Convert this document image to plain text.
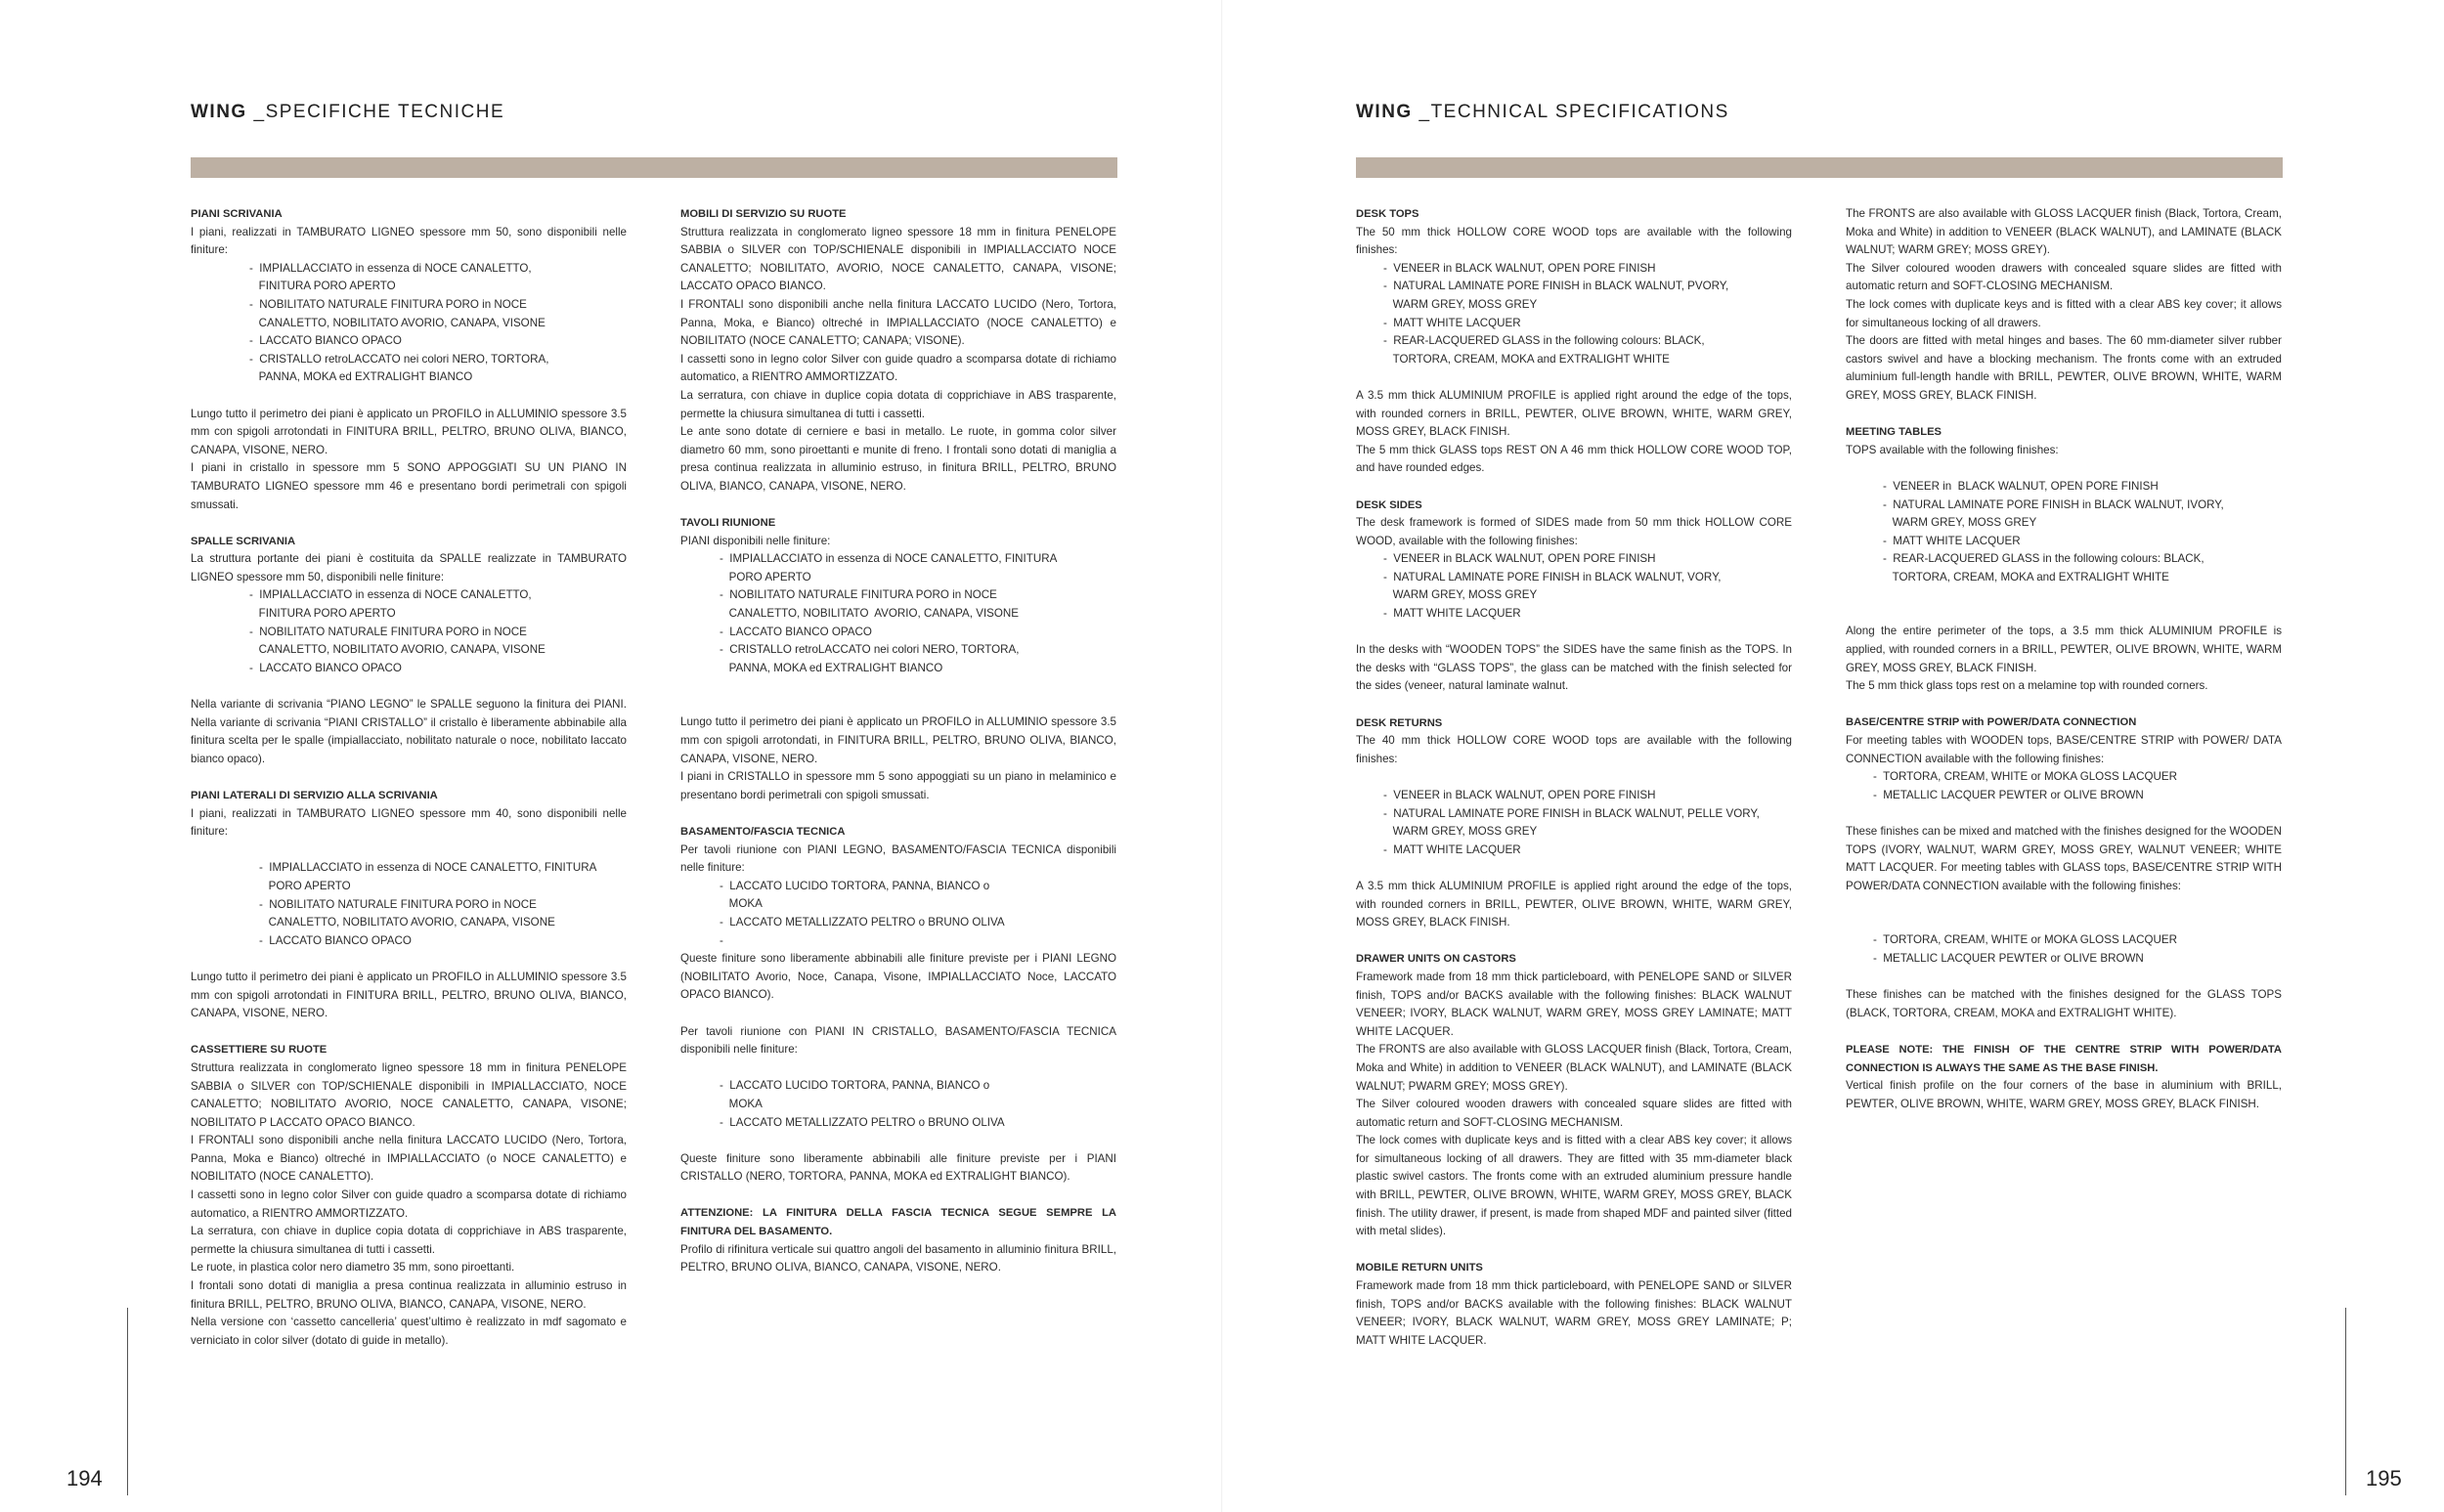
WING _SPECIFICHE TECNICHE

PIANI SCRIVANIA

I piani, realizzati in TAMBURATO LIGNEO spessore mm 50, sono disponibili nelle finiture:

-  IMPIALLACCIATO in essenza di NOCE CANALETTO,

FINITURA PORO APERTO

-  NOBILITATO NATURALE FINITURA PORO in NOCE

CANALETTO, NOBILITATO AVORIO, CANAPA, VISONE

-  LACCATO BIANCO OPACO

-  CRISTALLO retroLACCATO nei colori NERO, TORTORA,

PANNA, MOKA ed EXTRALIGHT BIANCO

Lungo tutto il perimetro dei piani è applicato un PROFILO in ALLUMINIO spessore 3.5 mm con spigoli arrotondati in FINITURA BRILL, PELTRO, BRUNO OLIVA, BIANCO, CANAPA, VISONE, NERO.

I piani in cristallo in spessore mm 5 SONO APPOGGIATI SU UN PIANO IN TAMBURATO LIGNEO spessore mm 46 e presentano bordi perimetrali con spigoli smussati.

SPALLE SCRIVANIA

La struttura portante dei piani è costituita da SPALLE realizzate in TAMBURATO LIGNEO spessore mm 50, disponibili nelle finiture:

-  IMPIALLACCIATO in essenza di NOCE CANALETTO,

FINITURA PORO APERTO

-  NOBILITATO NATURALE FINITURA PORO in NOCE

CANALETTO, NOBILITATO AVORIO, CANAPA, VISONE

-  LACCATO BIANCO OPACO

Nella variante di scrivania “PIANO LEGNO” le SPALLE seguono la finitura dei PIANI. Nella variante di scrivania “PIANI CRISTALLO” il cristallo è liberamente abbinabile alla finitura scelta per le spalle (impiallacciato, nobilitato naturale o noce, nobilitato laccato bianco opaco).

PIANI LATERALI DI SERVIZIO ALLA SCRIVANIA

I piani, realizzati in TAMBURATO LIGNEO spessore mm 40, sono disponibili nelle finiture:

-  IMPIALLACCIATO in essenza di NOCE CANALETTO, FINITURA

PORO APERTO

-  NOBILITATO NATURALE FINITURA PORO in NOCE

CANALETTO, NOBILITATO AVORIO, CANAPA, VISONE

-  LACCATO BIANCO OPACO

Lungo tutto il perimetro dei piani è applicato un PROFILO in ALLUMINIO spessore 3.5 mm con spigoli arrotondati in FINITURA BRILL, PELTRO, BRUNO OLIVA, BIANCO, CANAPA, VISONE, NERO.

CASSETTIERE SU RUOTE

Struttura realizzata in conglomerato ligneo spessore 18 mm in finitura PENELOPE SABBIA o SILVER con TOP/SCHIENALE disponibili in IMPIALLACCIATO, NOCE CANALETTO; NOBILITATO AVORIO, NOCE CANALETTO, CANAPA, VISONE; NOBILITATO P LACCATO OPACO BIANCO.

I FRONTALI sono disponibili anche nella finitura LACCATO LUCIDO (Nero, Tortora, Panna, Moka e Bianco) oltreché in IMPIALLACCIATO (o NOCE CANALETTO) e NOBILITATO (NOCE CANALETTO).

I cassetti sono in legno color Silver con guide quadro a scomparsa dotate di richiamo automatico, a RIENTRO AMMORTIZZATO.

La serratura, con chiave in duplice copia dotata di copprichiave in ABS trasparente, permette la chiusura simultanea di tutti i cassetti.

Le ruote, in plastica color nero diametro 35 mm, sono piroettanti.

I frontali sono dotati di maniglia a presa continua realizzata in alluminio estruso in finitura BRILL, PELTRO, BRUNO OLIVA, BIANCO, CANAPA, VISONE, NERO.

Nella versione con ‘cassetto cancelleria’ quest’ultimo è realizzato in mdf sagomato e verniciato in color silver (dotato di guide in metallo).

MOBILI DI SERVIZIO SU RUOTE

Struttura realizzata in conglomerato ligneo spessore 18 mm in finitura PENELOPE SABBIA o SILVER con TOP/SCHIENALE disponibili in IMPIALLACCIATO NOCE CANALETTO; NOBILITATO, AVORIO, NOCE CANALETTO, CANAPA, VISONE; LACCATO OPACO BIANCO.

I FRONTALI sono disponibili anche nella finitura LACCATO LUCIDO (Nero, Tortora, Panna, Moka, e Bianco) oltreché in IMPIALLACCIATO (NOCE CANALETTO) e NOBILITATO (NOCE CANALETTO; CANAPA; VISONE).

I cassetti sono in legno color Silver con guide quadro a scomparsa dotate di richiamo automatico, a RIENTRO AMMORTIZZATO.

La serratura, con chiave in duplice copia dotata di copprichiave in ABS trasparente, permette la chiusura simultanea di tutti i cassetti.

Le ante sono dotate di cerniere e basi in metallo. Le ruote, in gomma color silver diametro 60 mm, sono piroettanti e munite di freno. I frontali sono dotati di maniglia a presa continua realizzata in alluminio estruso, in finitura BRILL, PELTRO, BRUNO OLIVA, BIANCO, CANAPA, VISONE, NERO.

TAVOLI RIUNIONE

PIANI disponibili nelle finiture:

-  IMPIALLACCIATO in essenza di NOCE CANALETTO, FINITURA

PORO APERTO

-  NOBILITATO NATURALE FINITURA PORO in NOCE

CANALETTO, NOBILITATO  AVORIO, CANAPA, VISONE

-  LACCATO BIANCO OPACO

-  CRISTALLO retroLACCATO nei colori NERO, TORTORA,

PANNA, MOKA ed EXTRALIGHT BIANCO

Lungo tutto il perimetro dei piani è applicato un PROFILO in ALLUMINIO spessore 3.5 mm con spigoli arrotondati, in FINITURA BRILL, PELTRO, BRUNO OLIVA, BIANCO, CANAPA, VISONE, NERO.

I piani in CRISTALLO in spessore mm 5 sono appoggiati su un piano in melaminico e presentano bordi perimetrali con spigoli smussati.

BASAMENTO/FASCIA TECNICA

Per tavoli riunione con PIANI LEGNO, BASAMENTO/FASCIA TECNICA disponibili nelle finiture:

-  LACCATO LUCIDO TORTORA, PANNA, BIANCO o

MOKA

-  LACCATO METALLIZZATO PELTRO o BRUNO OLIVA

-

Queste finiture sono liberamente abbinabili alle finiture previste per i PIANI LEGNO (NOBILITATO Avorio, Noce, Canapa, Visone, IMPIALLACCIATO Noce, LACCATO OPACO BIANCO).

Per tavoli riunione con PIANI IN CRISTALLO, BASAMENTO/FASCIA TECNICA disponibili nelle finiture:

-  LACCATO LUCIDO TORTORA, PANNA, BIANCO o

MOKA

-  LACCATO METALLIZZATO PELTRO o BRUNO OLIVA

Queste finiture sono liberamente abbinabili alle finiture previste per i PIANI CRISTALLO (NERO, TORTORA, PANNA, MOKA ed EXTRALIGHT BIANCO).

ATTENZIONE: LA FINITURA DELLA FASCIA TECNICA SEGUE SEMPRE LA FINITURA DEL BASAMENTO.

Profilo di rifinitura verticale sui quattro angoli del basamento in alluminio finitura BRILL, PELTRO, BRUNO OLIVA, BIANCO, CANAPA, VISONE, NERO.

194
WING _TECHNICAL SPECIFICATIONS

DESK TOPS

The 50 mm thick HOLLOW CORE WOOD tops are available with the following finishes:

-  VENEER in BLACK WALNUT, OPEN PORE FINISH

-  NATURAL LAMINATE PORE FINISH in BLACK WALNUT, PVORY,

WARM GREY, MOSS GREY

-  MATT WHITE LACQUER

-  REAR-LACQUERED GLASS in the following colours: BLACK,

TORTORA, CREAM, MOKA and EXTRALIGHT WHITE

A 3.5 mm thick ALUMINIUM PROFILE is applied right around the edge of the tops, with rounded corners in BRILL, PEWTER, OLIVE BROWN, WHITE, WARM GREY, MOSS GREY, BLACK FINISH.

The 5 mm thick GLASS tops REST ON A 46 mm thick HOLLOW CORE WOOD TOP, and have rounded edges.

DESK SIDES

The desk framework is formed of SIDES made from 50 mm thick HOLLOW CORE WOOD, available with the following finishes:

-  VENEER in BLACK WALNUT, OPEN PORE FINISH

-  NATURAL LAMINATE PORE FINISH in BLACK WALNUT, VORY,

WARM GREY, MOSS GREY

-  MATT WHITE LACQUER

In the desks with “WOODEN TOPS” the SIDES have the same finish as the TOPS. In the desks with “GLASS TOPS”, the glass can be matched with the finish selected for the sides (veneer, natural laminate walnut.

DESK RETURNS

The 40 mm thick HOLLOW CORE WOOD tops are available with the following finishes:

-  VENEER in BLACK WALNUT, OPEN PORE FINISH

-  NATURAL LAMINATE PORE FINISH in BLACK WALNUT, PELLE VORY,

WARM GREY, MOSS GREY

-  MATT WHITE LACQUER

A 3.5 mm thick ALUMINIUM PROFILE is applied right around the edge of the tops, with rounded corners in BRILL, PEWTER, OLIVE BROWN, WHITE, WARM GREY, MOSS GREY, BLACK FINISH.

DRAWER UNITS ON CASTORS

Framework made from 18 mm thick particleboard, with PENELOPE SAND or SILVER finish, TOPS and/or BACKS available with the following finishes: BLACK WALNUT VENEER; IVORY, BLACK WALNUT, WARM GREY, MOSS GREY LAMINATE; MATT WHITE LACQUER.

The FRONTS are also available with GLOSS LACQUER finish (Black, Tortora, Cream, Moka and White) in addition to VENEER (BLACK WALNUT), and LAMINATE (BLACK WALNUT; PWARM GREY; MOSS GREY).

The Silver coloured wooden drawers with concealed square slides are fitted with automatic return and SOFT-CLOSING MECHANISM.

The lock comes with duplicate keys and is fitted with a clear ABS key cover; it allows for simultaneous locking of all drawers. They are fitted with 35 mm-diameter black plastic swivel castors. The fronts come with an extruded aluminium pressure handle with BRILL, PEWTER, OLIVE BROWN, WHITE, WARM GREY, MOSS GREY, BLACK finish. The utility drawer, if present, is made from shaped MDF and painted silver (fitted with metal slides).

MOBILE RETURN UNITS

Framework made from 18 mm thick particleboard, with PENELOPE SAND or SILVER finish, TOPS and/or BACKS available with the following finishes: BLACK WALNUT VENEER; IVORY, BLACK WALNUT, WARM GREY, MOSS GREY LAMINATE; P; MATT WHITE LACQUER.

The FRONTS are also available with GLOSS LACQUER finish (Black, Tortora, Cream, Moka and White) in addition to VENEER (BLACK WALNUT), and LAMINATE (BLACK WALNUT; WARM GREY; MOSS GREY).

The Silver coloured wooden drawers with concealed square slides are fitted with automatic return and SOFT-CLOSING MECHANISM.

The lock comes with duplicate keys and is fitted with a clear ABS key cover; it allows for simultaneous locking of all drawers.

The doors are fitted with metal hinges and bases. The 60 mm-diameter silver rubber castors swivel and have a blocking mechanism. The fronts come with an extruded aluminium full-length handle with BRILL, PEWTER, OLIVE BROWN, WHITE, WARM GREY, MOSS GREY, BLACK FINISH.

MEETING TABLES

TOPS available with the following finishes:

-  VENEER in  BLACK WALNUT, OPEN PORE FINISH

-  NATURAL LAMINATE PORE FINISH in BLACK WALNUT, IVORY,

WARM GREY, MOSS GREY

-  MATT WHITE LACQUER

-  REAR-LACQUERED GLASS in the following colours: BLACK,

TORTORA, CREAM, MOKA and EXTRALIGHT WHITE

Along the entire perimeter of the tops, a 3.5 mm thick ALUMINIUM PROFILE is applied, with rounded corners in a BRILL, PEWTER, OLIVE BROWN, WHITE, WARM GREY, MOSS GREY, BLACK FINISH.

The 5 mm thick glass tops rest on a melamine top with rounded corners.

BASE/CENTRE STRIP with POWER/DATA CONNECTION

For meeting tables with WOODEN tops, BASE/CENTRE STRIP with POWER/ DATA CONNECTION available with the following finishes:

-  TORTORA, CREAM, WHITE or MOKA GLOSS LACQUER

-  METALLIC LACQUER PEWTER or OLIVE BROWN

These finishes can be mixed and matched with the finishes designed for the WOODEN TOPS (IVORY, WALNUT, WARM GREY, MOSS GREY, WALNUT VENEER; WHITE MATT LACQUER. For meeting tables with GLASS tops, BASE/CENTRE STRIP WITH POWER/DATA CONNECTION available with the following finishes:

-  TORTORA, CREAM, WHITE or MOKA GLOSS LACQUER

-  METALLIC LACQUER PEWTER or OLIVE BROWN

These finishes can be matched with the finishes designed for the GLASS TOPS (BLACK, TORTORA, CREAM, MOKA and EXTRALIGHT WHITE).

PLEASE NOTE: THE FINISH OF THE CENTRE STRIP WITH POWER/DATA CONNECTION IS ALWAYS THE SAME AS THE BASE FINISH.

Vertical finish profile on the four corners of the base in aluminium with BRILL, PEWTER, OLIVE BROWN, WHITE, WARM GREY, MOSS GREY, BLACK FINISH.

195
